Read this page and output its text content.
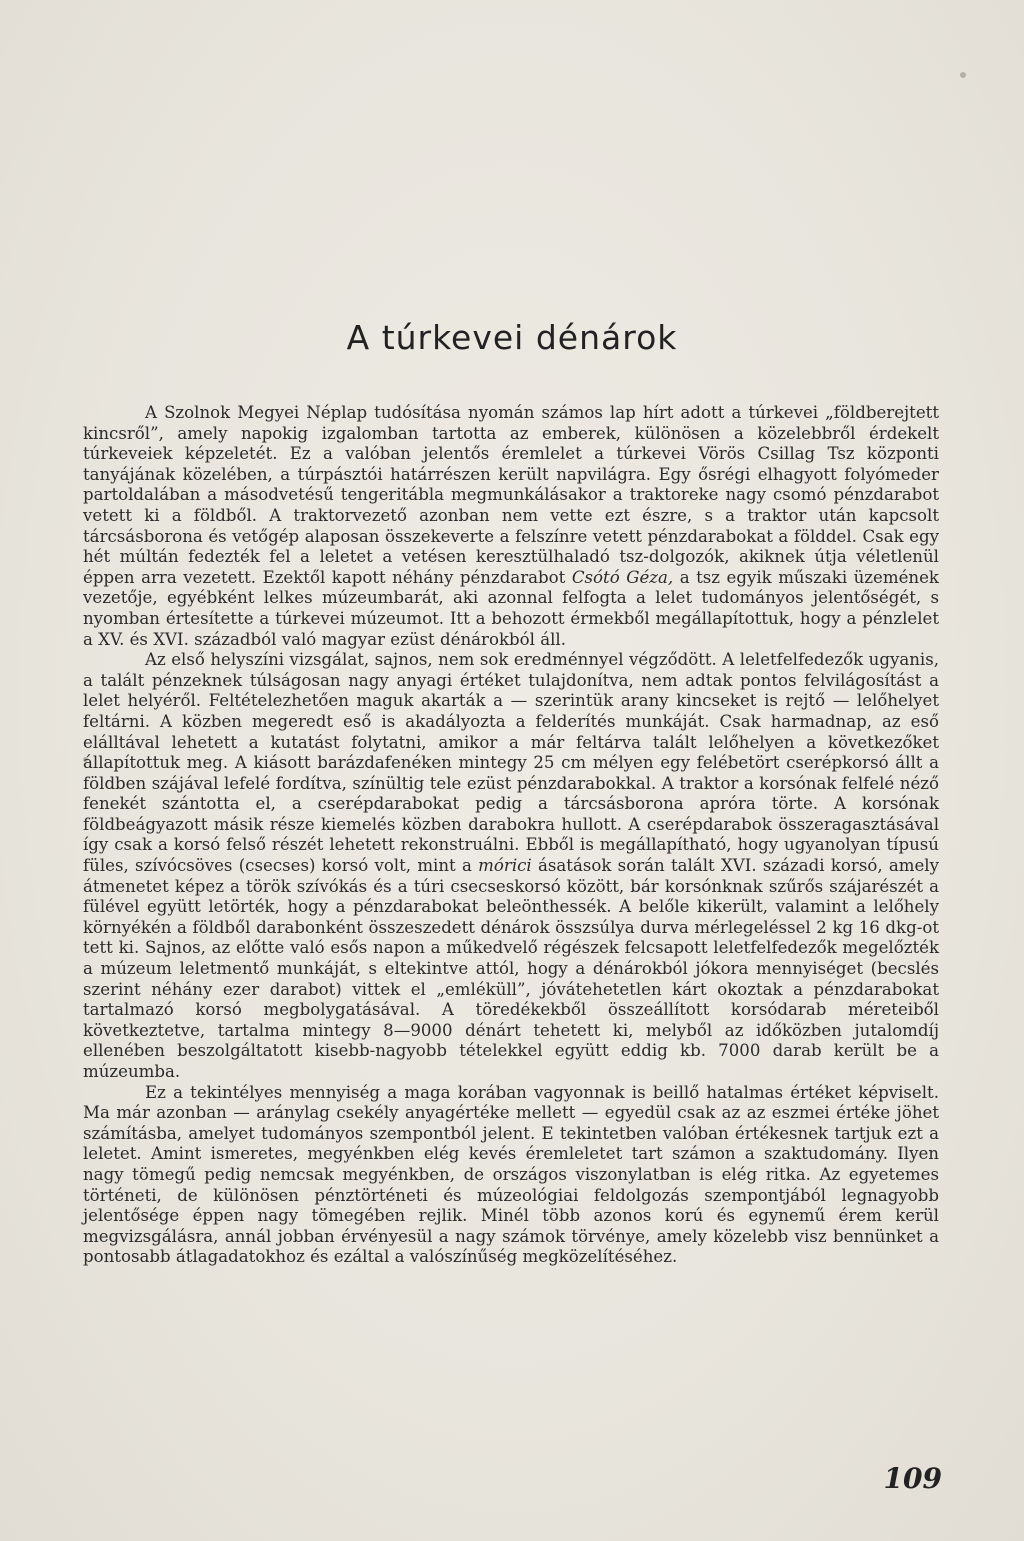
A túrkevei dénárok

A Szolnok Megyei Néplap tudósítása nyomán számos lap hírt adott a túrkevei „földberejtett kincsről”, amely napokig izgalomban tartotta az emberek, különösen a közelebbről érdekelt túrkeveiek képzeletét. Ez a valóban jelentős éremlelet a túrkevei Vörös Csillag Tsz központi tanyájának közelében, a túrpásztói határrészen került napvilágra. Egy ősrégi elhagyott folyómeder partoldalában a másodvetésű tengeritábla megmunkálásakor a traktoreke nagy csomó pénzdarabot vetett ki a földből. A traktorvezető azonban nem vette ezt észre, s a traktor után kapcsolt tárcsásborona és vetőgép alaposan összekeverte a felszínre vetett pénzdarabokat a földdel. Csak egy hét múltán fedezték fel a leletet a vetésen keresztülhaladó tsz-dolgozók, akiknek útja véletlenül éppen arra vezetett. Ezektől kapott néhány pénzdarabot Csótó Géza, a tsz egyik műszaki üzemének vezetője, egyébként lelkes múzeumbarát, aki azonnal felfogta a lelet tudományos jelentőségét, s nyomban értesítette a túrkevei múzeumot. Itt a behozott érmekből megállapítottuk, hogy a pénzlelet a XV. és XVI. századból való magyar ezüst dénárokból áll.

Az első helyszíni vizsgálat, sajnos, nem sok eredménnyel végződött. A leletfelfedezők ugyanis, a talált pénzeknek túlságosan nagy anyagi értéket tulajdonítva, nem adtak pontos felvilágosítást a lelet helyéről. Feltételezhetően maguk akarták a — szerintük arany kincseket is rejtő — lelőhelyet feltárni. A közben megeredt eső is akadályozta a felderítés munkáját. Csak harmadnap, az eső elálltával lehetett a kutatást folytatni, amikor a már feltárva talált lelőhelyen a következőket állapítottuk meg. A kiásott barázdafenéken mintegy 25 cm mélyen egy felébetört cserépkorsó állt a földben szájával lefelé fordítva, színültig tele ezüst pénzdarabokkal. A traktor a korsónak felfelé néző fenekét szántotta el, a cserépdarabokat pedig a tárcsásborona apróra törte. A korsónak földbeágyazott másik része kiemelés közben darabokra hullott. A cserépdarabok összeragasztásával így csak a korsó felső részét lehetett rekonstruálni. Ebből is megállapítható, hogy ugyanolyan típusú füles, szívócsöves (csecses) korsó volt, mint a mórici ásatások során talált XVI. századi korsó, amely átmenetet képez a török szívókás és a túri csecseskorsó között, bár korsónknak szűrős szájarészét a fülével együtt letörték, hogy a pénzdarabokat beleönthessék. A belőle kikerült, valamint a lelőhely környékén a földből darabonként összeszedett dénárok összsúlya durva mérlegeléssel 2 kg 16 dkg-ot tett ki. Sajnos, az előtte való esős napon a műkedvelő régészek felcsapott leletfelfedezők megelőzték a múzeum leletmentő munkáját, s eltekintve attól, hogy a dénárokból jókora mennyiséget (becslés szerint néhány ezer darabot) vittek el „emléküll”, jóvátehetetlen kárt okoztak a pénzdarabokat tartalmazó korsó megbolygatásával. A töredékekből összeállított korsódarab méreteiből következtetve, tartalma mintegy 8—9000 dénárt tehetett ki, melyből az időközben jutalomdíj ellenében beszolgáltatott kisebb-nagyobb tételekkel együtt eddig kb. 7000 darab került be a múzeumba.

Ez a tekintélyes mennyiség a maga korában vagyonnak is beillő hatalmas értéket képviselt. Ma már azonban — aránylag csekély anyagértéke mellett — egyedül csak az az eszmei értéke jöhet számításba, amelyet tudományos szempontból jelent. E tekintetben valóban értékesnek tartjuk ezt a leletet. Amint ismeretes, megyénkben elég kevés éremleletet tart számon a szaktudomány. Ilyen nagy tömegű pedig nemcsak megyénkben, de országos viszonylatban is elég ritka. Az egyetemes történeti, de különösen pénztörténeti és múzeológiai feldolgozás szempontjából legnagyobb jelentősége éppen nagy tömegében rejlik. Minél több azonos korú és egynemű érem kerül megvizsgálásra, annál jobban érvényesül a nagy számok törvénye, amely közelebb visz bennünket a pontosabb átlagadatokhoz és ezáltal a valószínűség megközelítéséhez.

109
